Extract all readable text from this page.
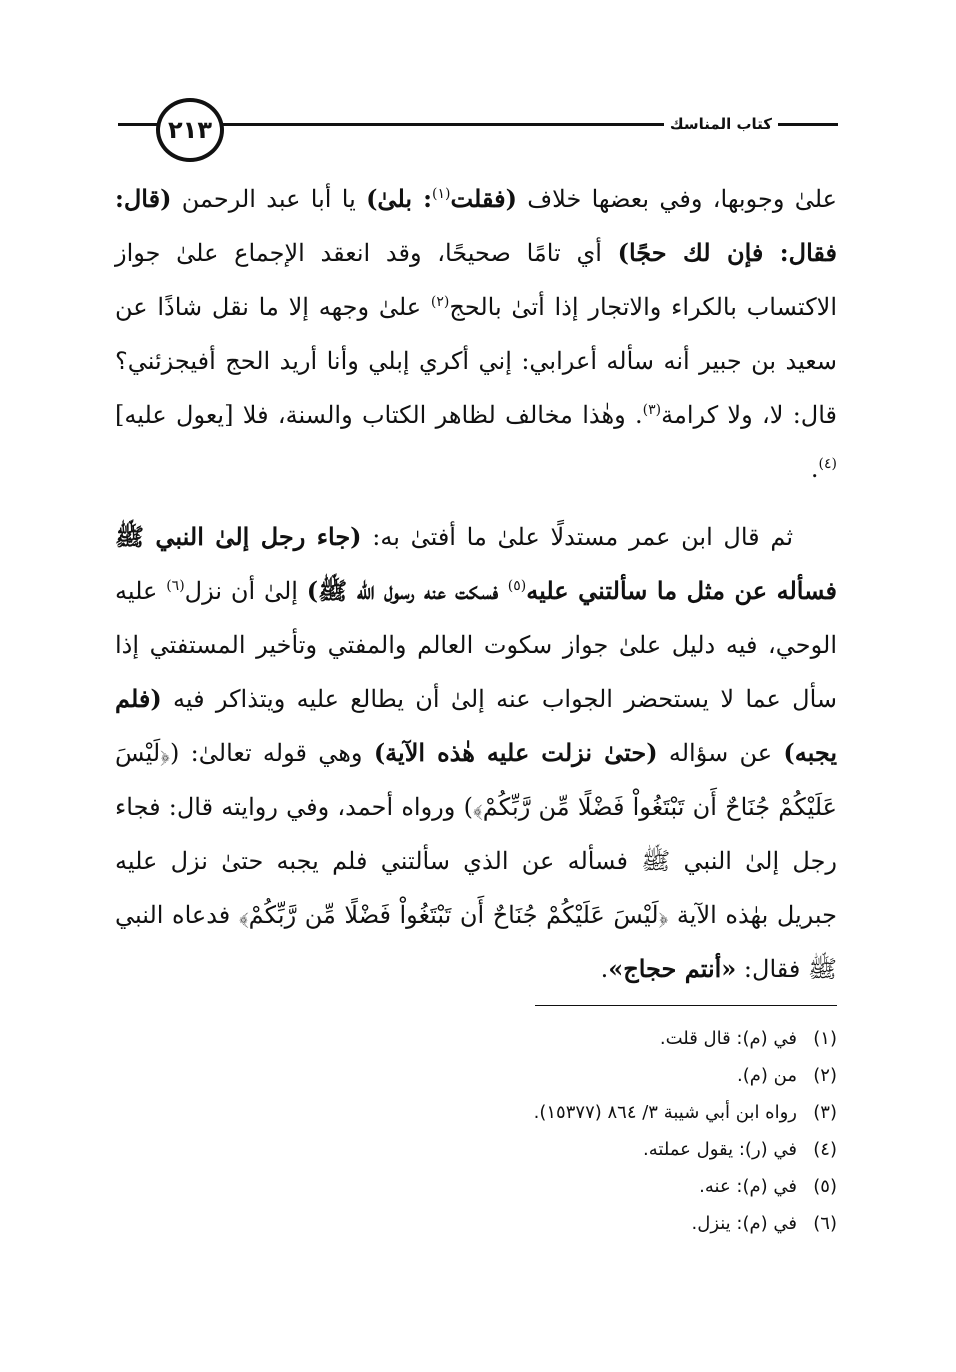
٢١٣	كتاب المناسك

علىٰ وجوبها، وفي بعضها خلاف (فقلت$^{(١)}$: بلىٰ) يا أبا عبد الرحمن (قال: فقال: فإن لك حجًا) أي تامًا صحيحًا، وقد انعقد الإجماع علىٰ جواز الاكتساب بالكراء والاتجار إذا أتىٰ بالحج$^{(٢)}$ علىٰ وجهه إلا ما نقل شاذًا عن سعيد بن جبير أنه سأله أعرابي: إني أكري إبلي وأنا أريد الحج أفيجزئني؟ قال: لا، ولا كرامة$^{(٣)}$. وهٰذا مخالف لظاهر الكتاب والسنة، فلا [يعول عليه]$^{(٤)}$.

ثم قال ابن عمر مستدلًا علىٰ ما أفتىٰ به: (جاء رجل إلىٰ النبي ﷺ فسأله عن مثل ما سألتني عليه$^{(٥)}$ فسكت عنه رسول الله ﷺ) إلىٰ أن نزل$^{(٦)}$ عليه الوحي، فيه دليل علىٰ جواز سكوت العالم والمفتي وتأخير المستفتي إذا سأل عما لا يستحضر الجواب عنه إلىٰ أن يطالع عليه ويتذاكر فيه (فلم يجبه) عن سؤاله (حتىٰ نزلت عليه هٰذه الآية) وهي قوله تعالىٰ: (﴿لَيْسَ عَلَيْكُمْ جُنَاحٌ أَن تَبْتَغُواْ فَضْلًا مِّن رَّبِّكُمْ﴾) ورواه أحمد، وفي روايته قال: فجاء رجل إلىٰ النبي ﷺ فسأله عن الذي سألتني فلم يجبه حتىٰ نزل عليه جبريل بهٰذه الآية ﴿لَيْسَ عَلَيْكُمْ جُنَاحٌ أَن تَبْتَغُواْ فَضْلًا مِّن رَّبِّكُمْ﴾ فدعاه النبي ﷺ فقال: «أنتم حجاج».

(١)في (م): قال قلت.
(٢)من (م).
(٣)رواه ابن أبي شيبة ٣/ ٨٦٤ (١٥٣٧٧).
(٤)في (ر): يقول عملته.
(٥)في (م): عنه.
(٦)في (م): ينزل.
